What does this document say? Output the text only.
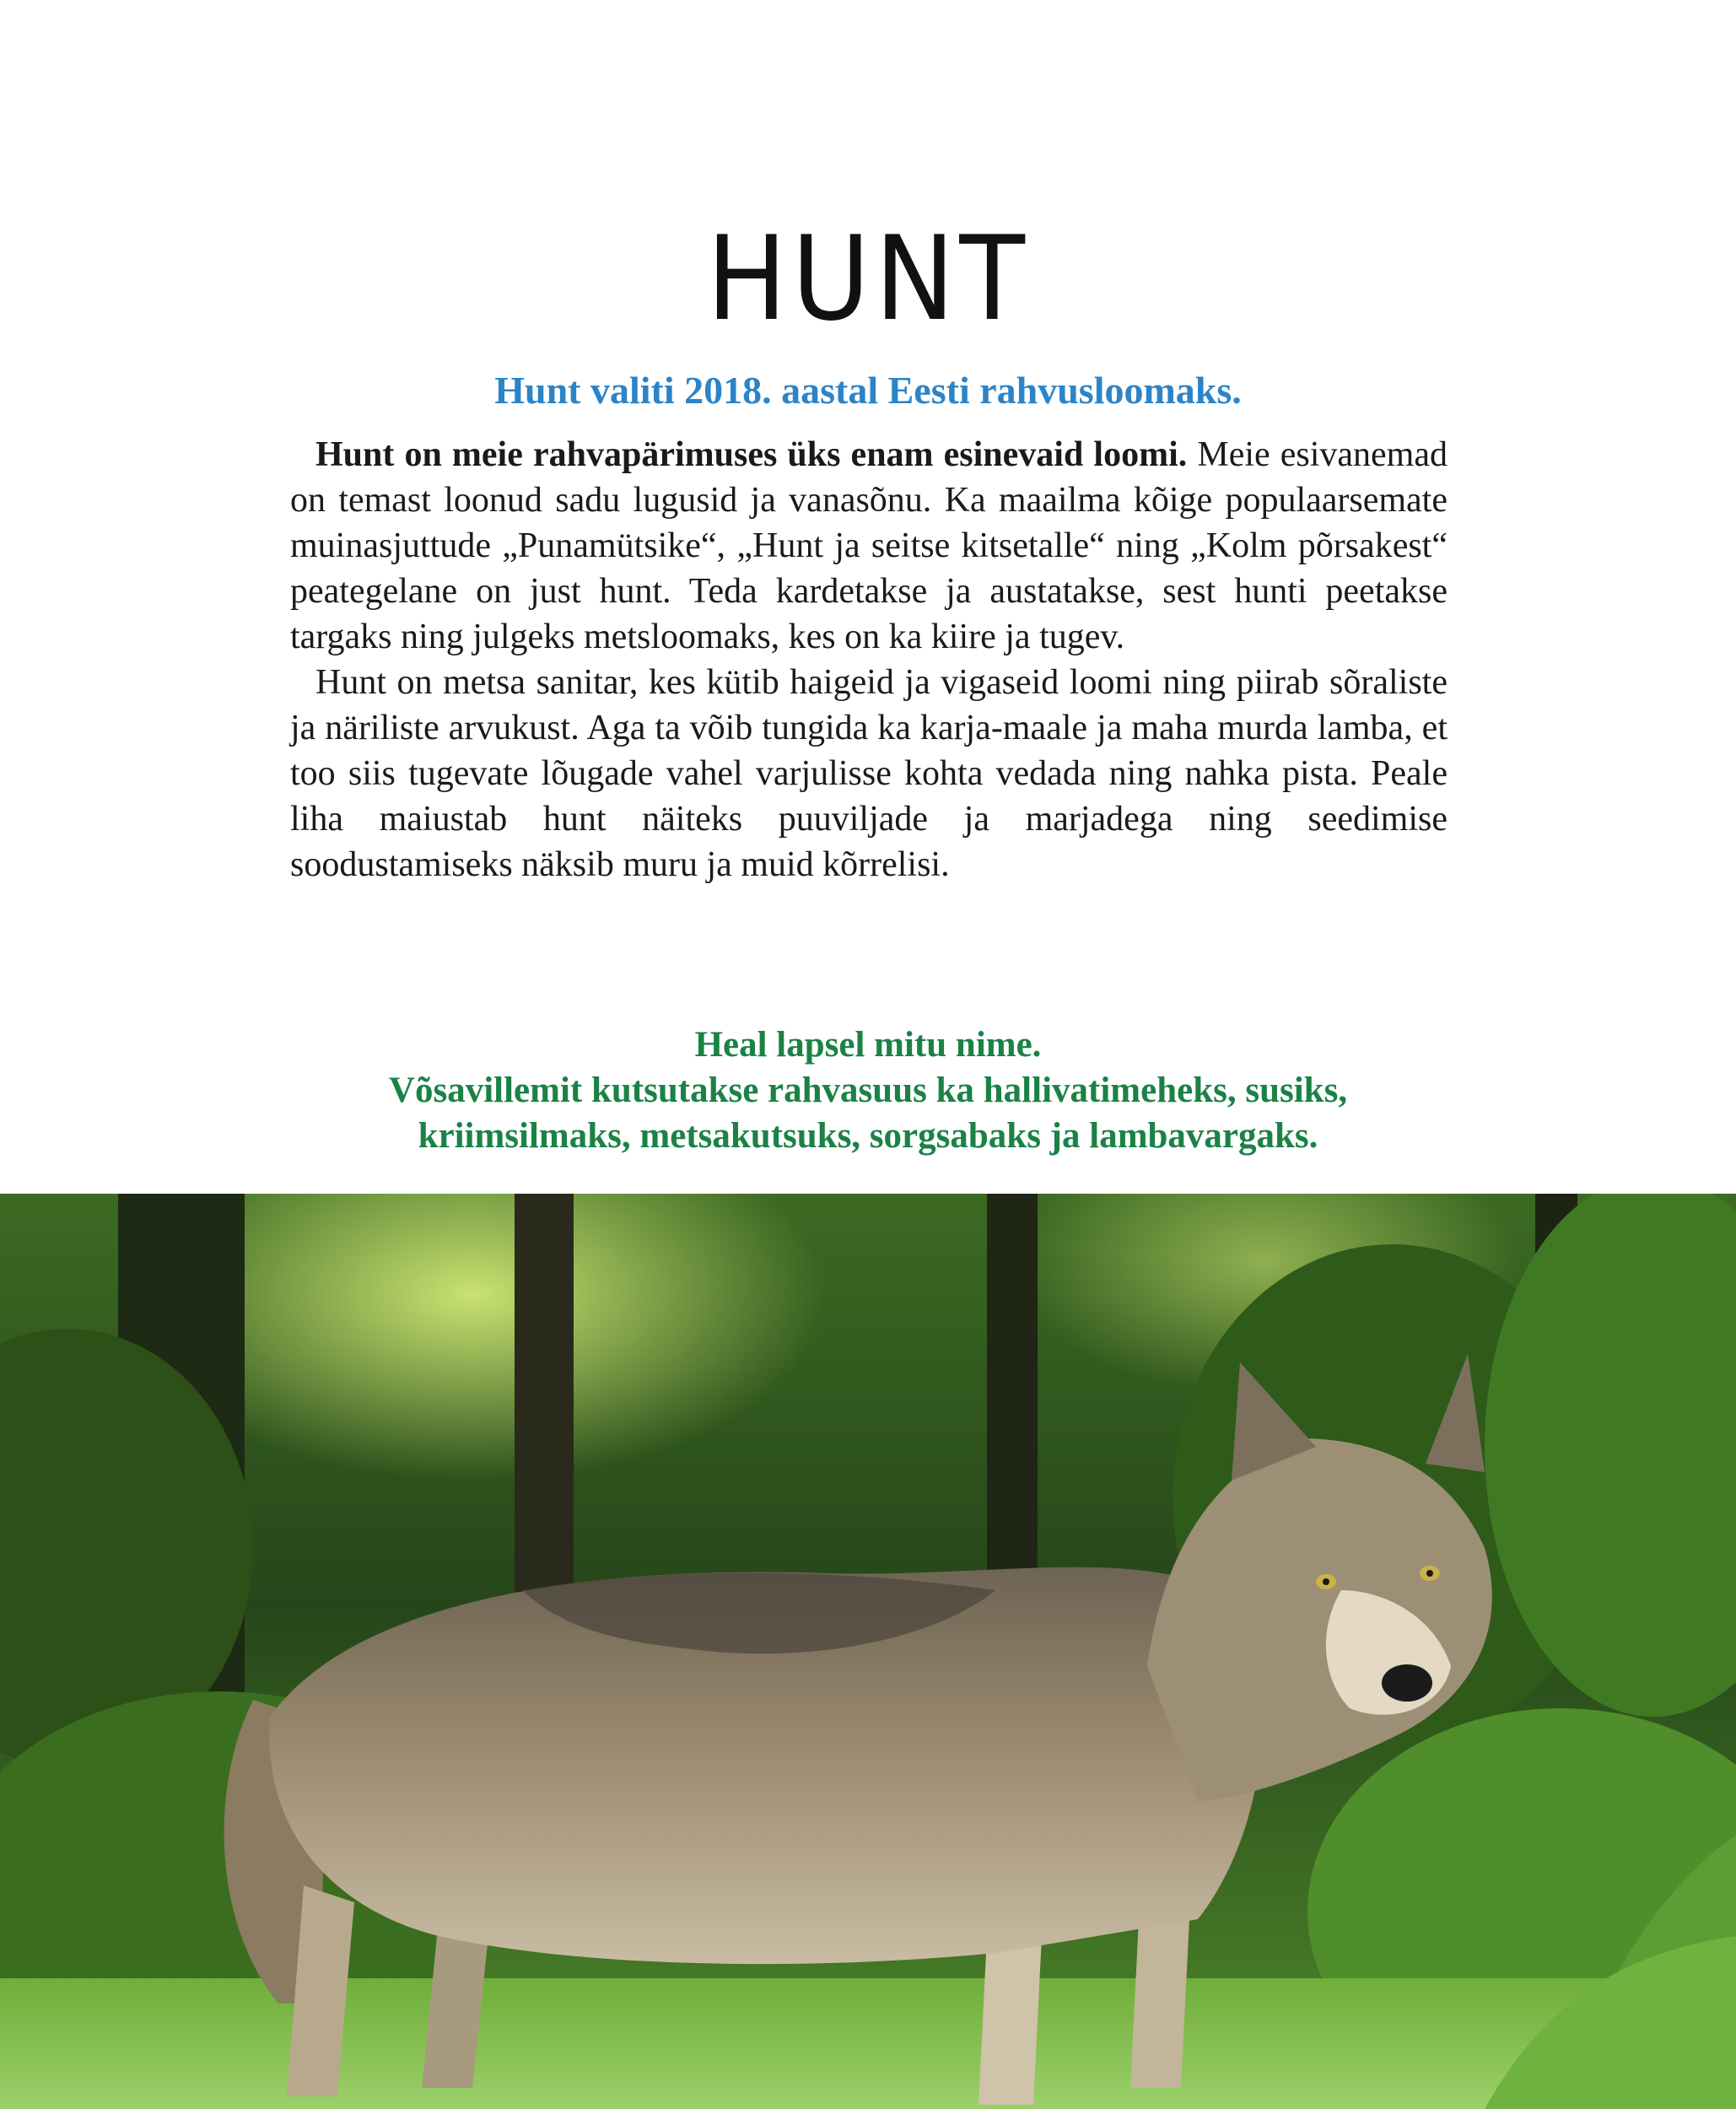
HUNT
Hunt valiti 2018. aastal Eesti rahvusloomaks.

Hunt on meie rahvapärimuses üks enam esinevaid loomi. Meie esivanemad on temast loonud sadu lugusid ja vanasõnu. Ka maailma kõige populaarsemate muinasjuttude „Punamütsike“, „Hunt ja seitse kitsetalle“ ning „Kolm põrsakest“ peategelane on just hunt. Teda kardetakse ja austatakse, sest hunti peetakse targaks ning julgeks metsloomaks, kes on ka kiire ja tugev.

Hunt on metsa sanitar, kes kütib haigeid ja vigaseid loomi ning piirab sõraliste ja näriliste arvukust. Aga ta võib tungida ka karja-maale ja maha murda lamba, et too siis tugevate lõugade vahel varjulisse kohta vedada ning nahka pista. Peale liha maiustab hunt näiteks puuviljade ja marjadega ning seedimise soodustamiseks näksib muru ja muid kõrrelisi.

Heal lapsel mitu nime.
Võsavillemit kutsutakse rahvasuus ka hallivatimeheks, susiks,
kriimsilmaks, metsakutsuks, sorgsabaks ja lambavargaks.
